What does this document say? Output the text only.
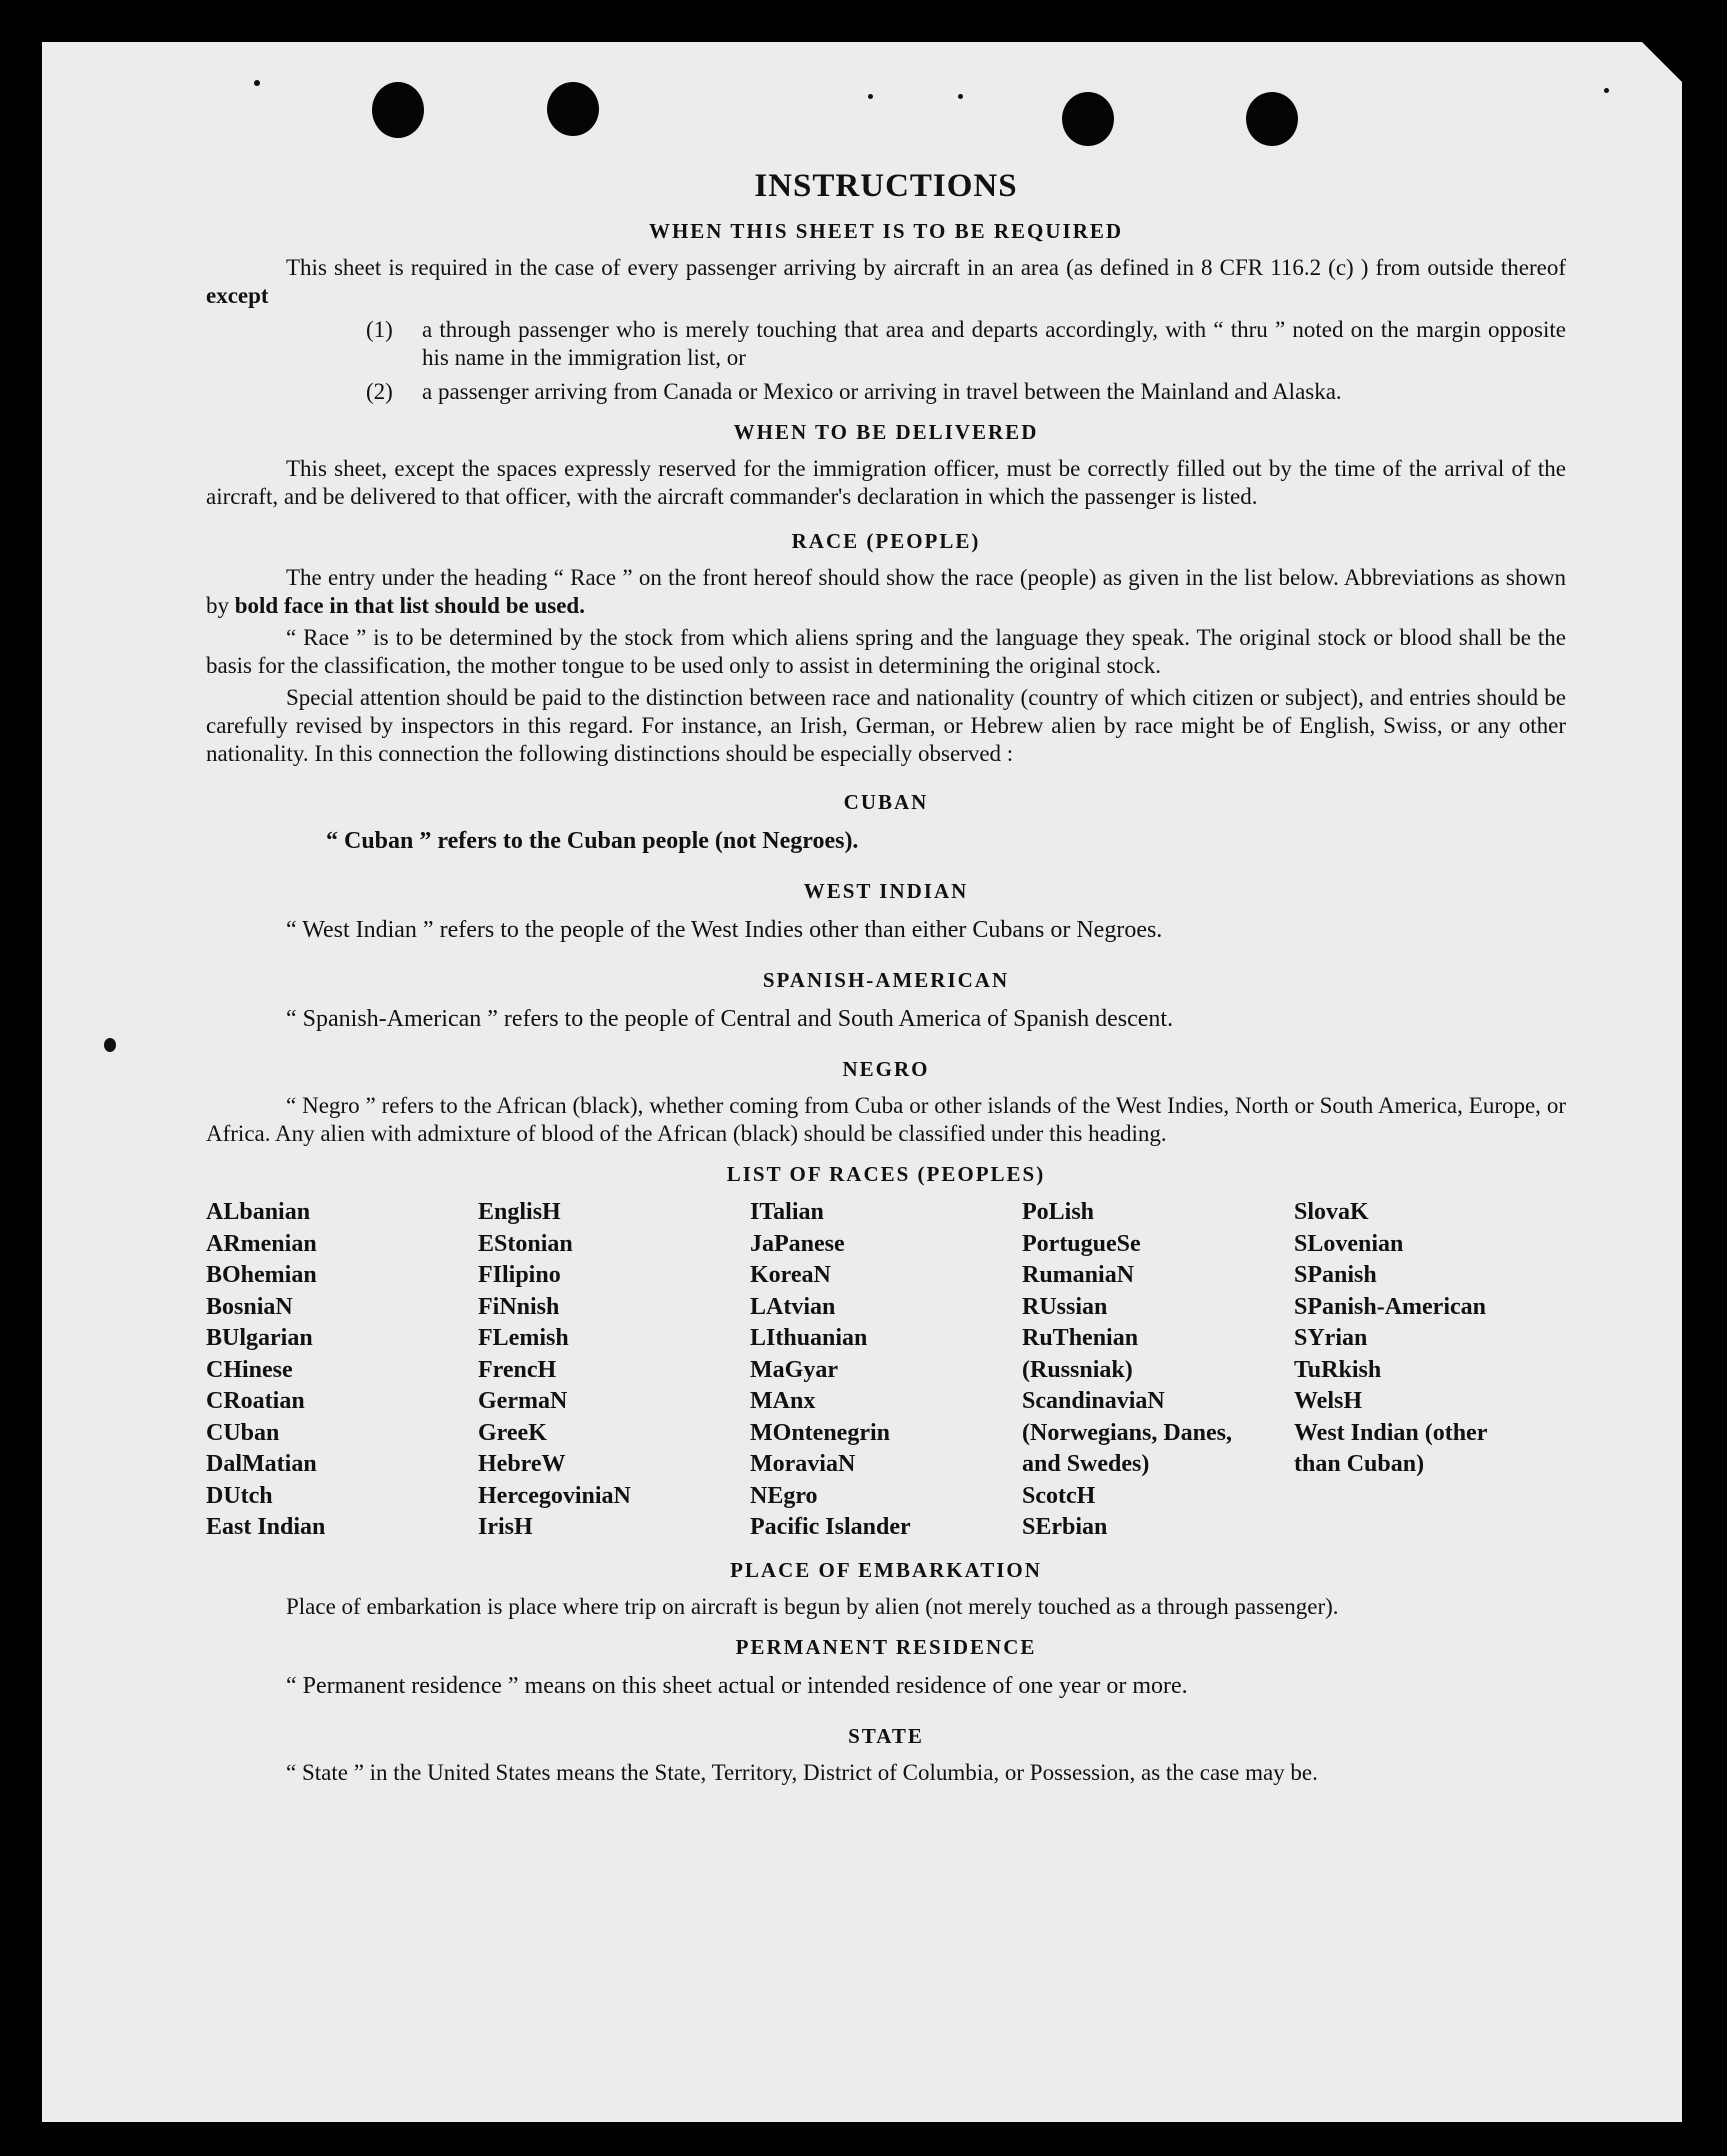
INSTRUCTIONS
WHEN THIS SHEET IS TO BE REQUIRED

This sheet is required in the case of every passenger arriving by aircraft in an area (as defined in 8 CFR 116.2 (c) ) from outside thereof except

(1)	a through passenger who is merely touching that area and departs accordingly, with “ thru ” noted on the margin opposite his name in the immigration list, or
(2)	a passenger arriving from Canada or Mexico or arriving in travel between the Mainland and Alaska.
WHEN TO BE DELIVERED

This sheet, except the spaces expressly reserved for the immigration officer, must be correctly filled out by the time of the arrival of the aircraft, and be delivered to that officer, with the aircraft commander's declaration in which the passenger is listed.

RACE (PEOPLE)

The entry under the heading “ Race ” on the front hereof should show the race (people) as given in the list below. Abbreviations as shown by bold face in that list should be used.

“ Race ” is to be determined by the stock from which aliens spring and the language they speak. The original stock or blood shall be the basis for the classification, the mother tongue to be used only to assist in determining the original stock.

Special attention should be paid to the distinction between race and nationality (country of which citizen or subject), and entries should be carefully revised by inspectors in this regard. For instance, an Irish, German, or Hebrew alien by race might be of English, Swiss, or any other nationality. In this connection the following distinctions should be especially observed :

CUBAN
“ Cuban ” refers to the Cuban people (not Negroes).
WEST INDIAN
“ West Indian ” refers to the people of the West Indies other than either Cubans or Negroes.
SPANISH-AMERICAN
“ Spanish-American ” refers to the people of Central and South America of Spanish descent.
NEGRO

“ Negro ” refers to the African (black), whether coming from Cuba or other islands of the West Indies, North or South America, Europe, or Africa. Any alien with admixture of blood of the African (black) should be classified under this heading.

LIST OF RACES (PEOPLES)
ALbanian
ARmenian
BOhemian
BosniaN
BUlgarian
CHinese
CRoatian
CUban
DalMatian
DUtch
East Indian
EnglisH
EStonian
FIlipino
FiNnish
FLemish
FrencH
GermaN
GreeK
HebreW
HercegoviniaN
IrisH
ITalian
JaPanese
KoreaN
LAtvian
LIthuanian
MaGyar
MAnx
MOntenegrin
MoraviaN
NEgro
Pacific Islander
PoLish
PortugueSe
RumaniaN
RUssian
RuThenian (Russniak)
ScandinaviaN (Norwegians, Danes, and Swedes)
ScotcH
SErbian
SlovaK
SLovenian
SPanish
SPanish-American
SYrian
TuRkish
WelsH
West Indian (other than Cuban)
PLACE OF EMBARKATION

Place of embarkation is place where trip on aircraft is begun by alien (not merely touched as a through passenger).

PERMANENT RESIDENCE
“ Permanent residence ” means on this sheet actual or intended residence of one year or more.
STATE

“ State ” in the United States means the State, Territory, District of Columbia, or Possession, as the case may be.
